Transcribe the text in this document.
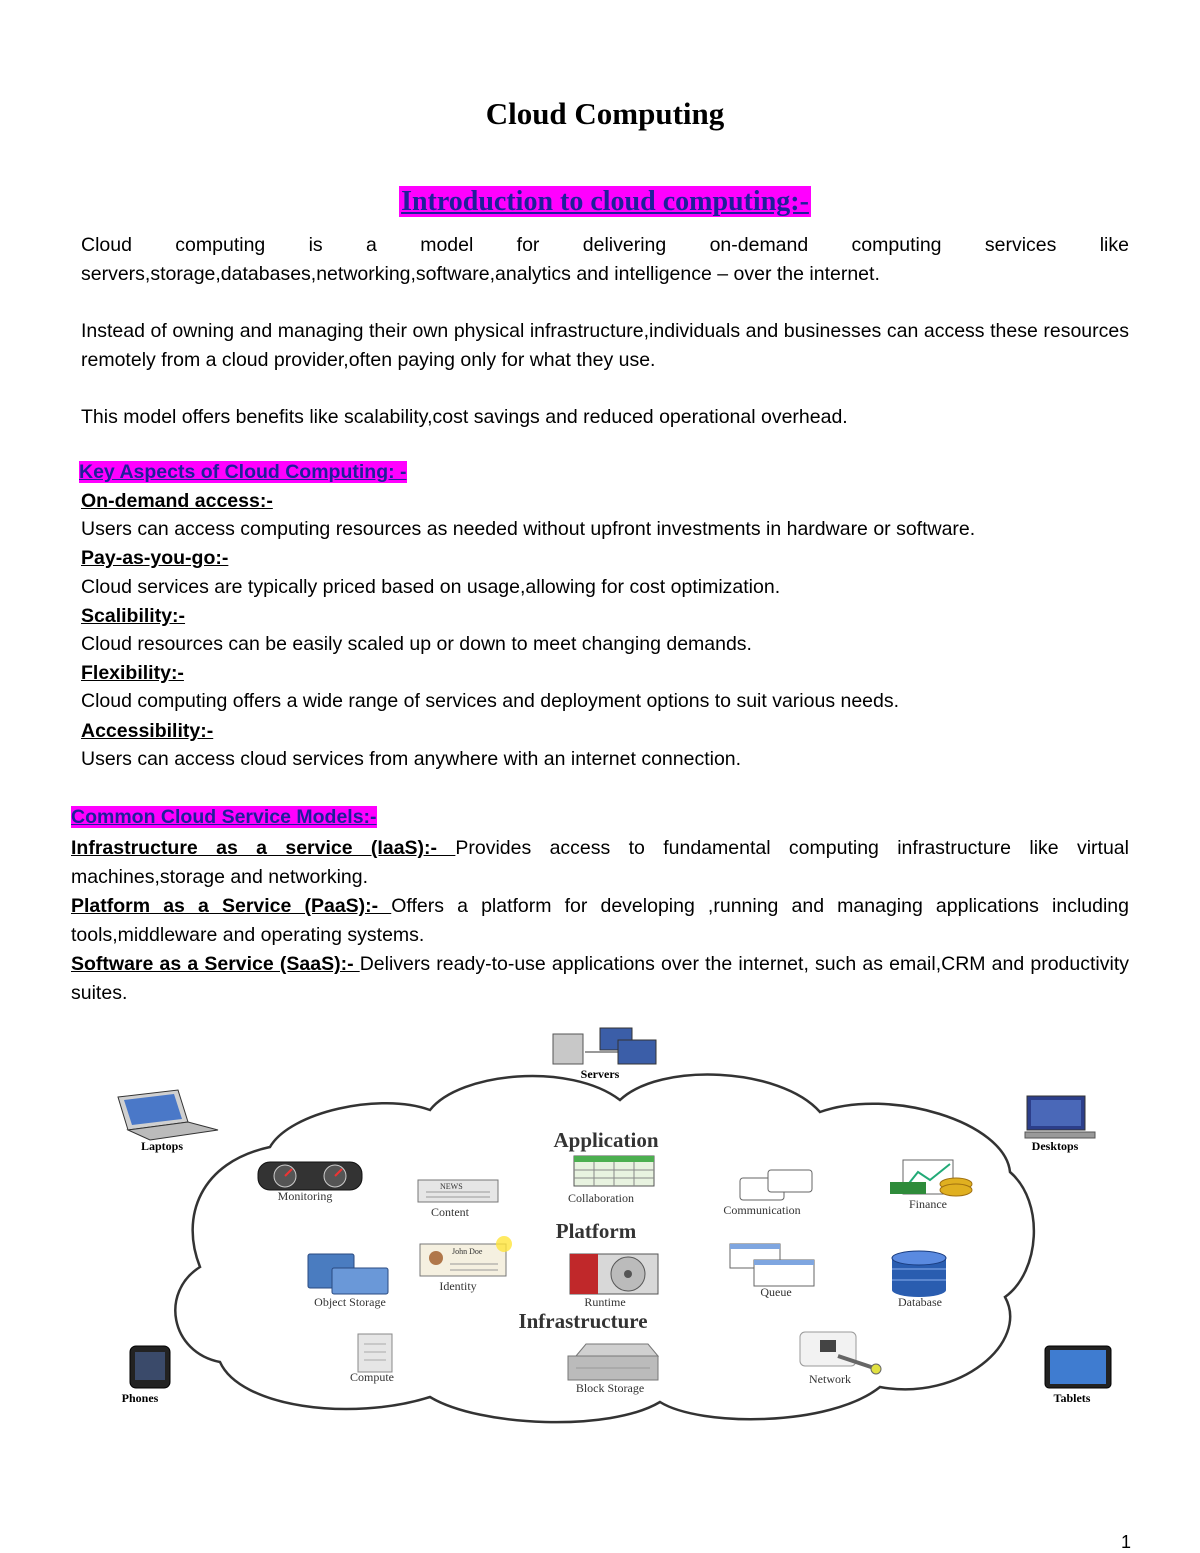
Cloud Computing
Introduction to cloud computing:-
Cloud computing is a model for delivering on-demand computing services like servers,storage,databases,networking,software,analytics and intelligence – over the internet.
Instead of owning and managing their own physical infrastructure,individuals and businesses can access these resources remotely from a cloud provider,often paying only for what they use.
This model offers benefits like scalability,cost savings and reduced operational overhead.
Key Aspects of Cloud Computing: -
On-demand access:-
Users can access computing resources as needed without upfront investments in hardware or software.
Pay-as-you-go:-
Cloud services are typically priced based on usage,allowing for cost optimization.
Scalibility:-
Cloud resources can be easily scaled up or down to meet changing demands.
Flexibility:-
Cloud computing offers a wide range of services and deployment options to suit various needs.
Accessibility:-
Users can access cloud services from anywhere with an internet connection.
Common Cloud Service Models:-
Infrastructure as a service (IaaS):- Provides access to fundamental computing infrastructure like virtual machines,storage and networking.
Platform as a Service (PaaS):- Offers a platform for developing ,running and managing applications including tools,middleware and operating systems.
Software as a Service (SaaS):- Delivers ready-to-use applications over the internet, such as email,CRM and productivity suites.
Servers
Laptops	Desktops
Phones	Tablets
Application
Platform
Infrastructure
Monitoring
NEWS
Content
Collaboration
Communication	Finance
Object Storage
John Doe
Identity
Runtime
Queue
Database
Compute
Block Storage
Network
1
